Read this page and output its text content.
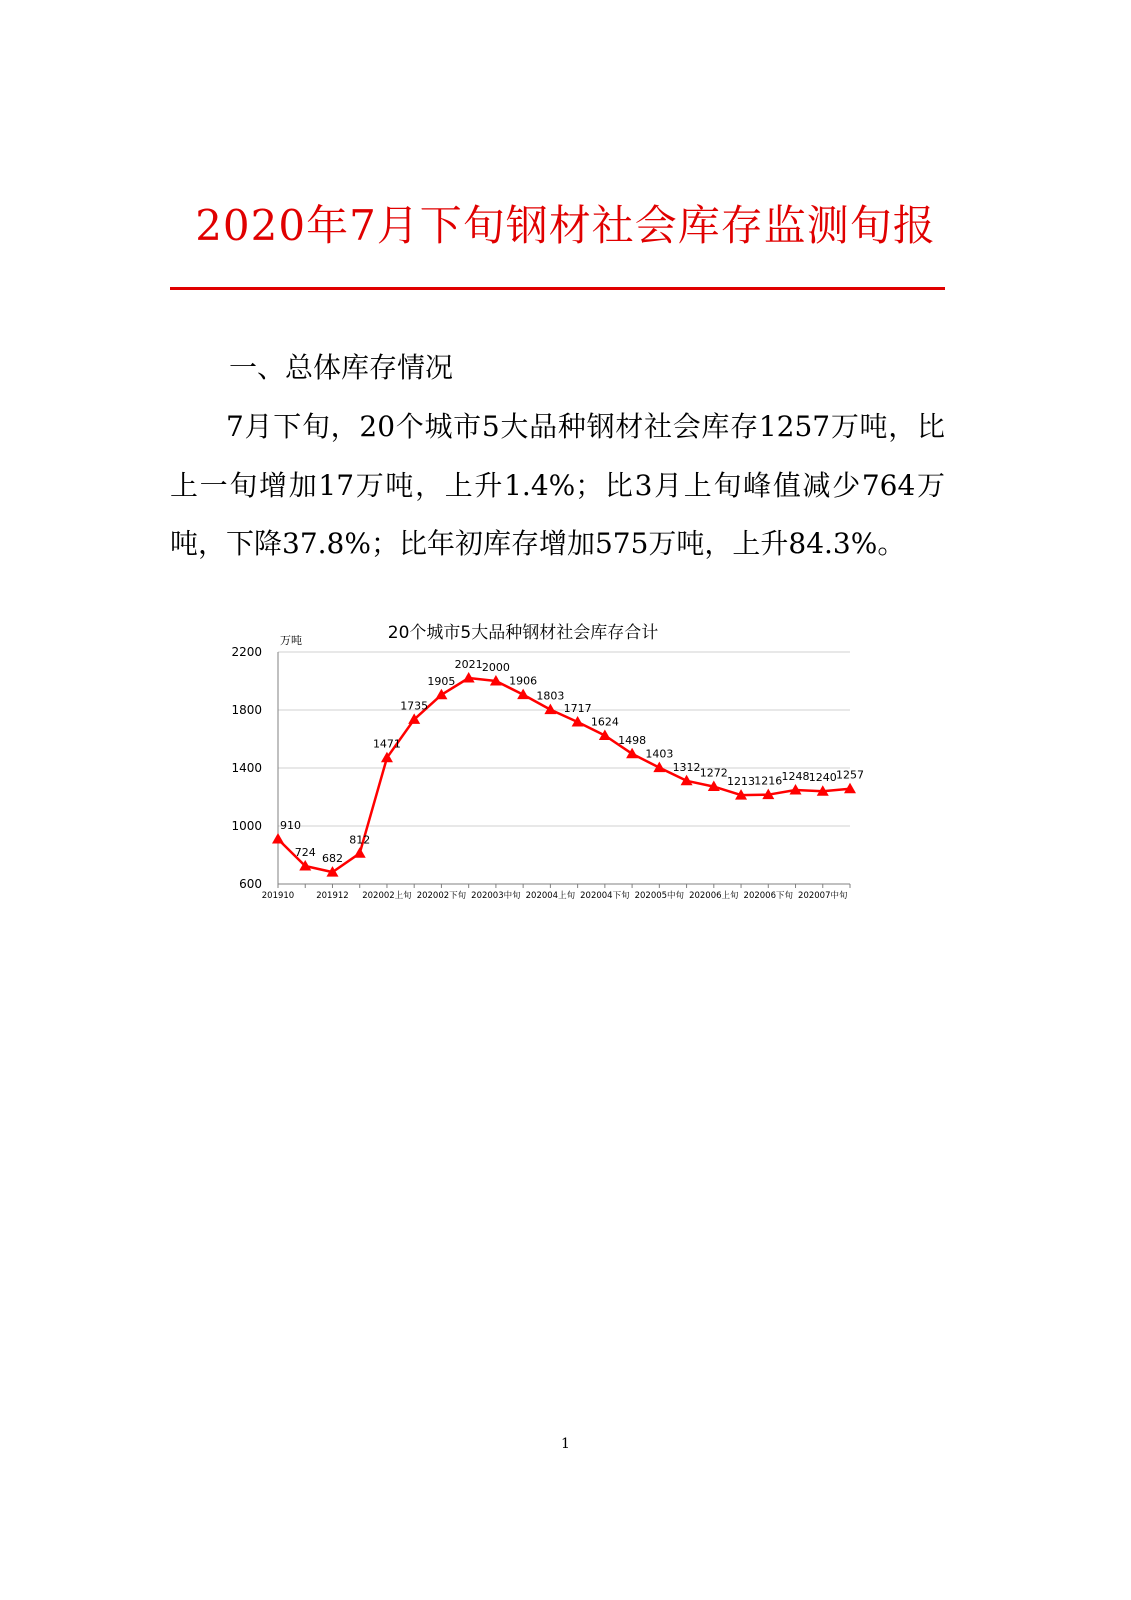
2020年7月下旬钢材社会库存监测旬报
一、总体库存情况

7月下旬，20个城市5大品种钢材社会库存1257万吨，比上一旬增加17万吨，上升1.4%；比3月上旬峰值减少764万吨，下降37.8%；比年初库存增加575万吨，上升84.3%。

20个城市5大品种钢材社会库存合计
万吨
600
1000
1400
1800
2200
201910	201912 202002上旬 202002下旬 202003中旬 202004上旬 202004下旬 202005中旬 202006上旬 202006下旬 202007中旬
910
724 682
812
1471
1735
1905
2021 2000
1906
1803
1717
1624
1498
1403
1312 1272
1213 1216 1248 1240 1257
1
